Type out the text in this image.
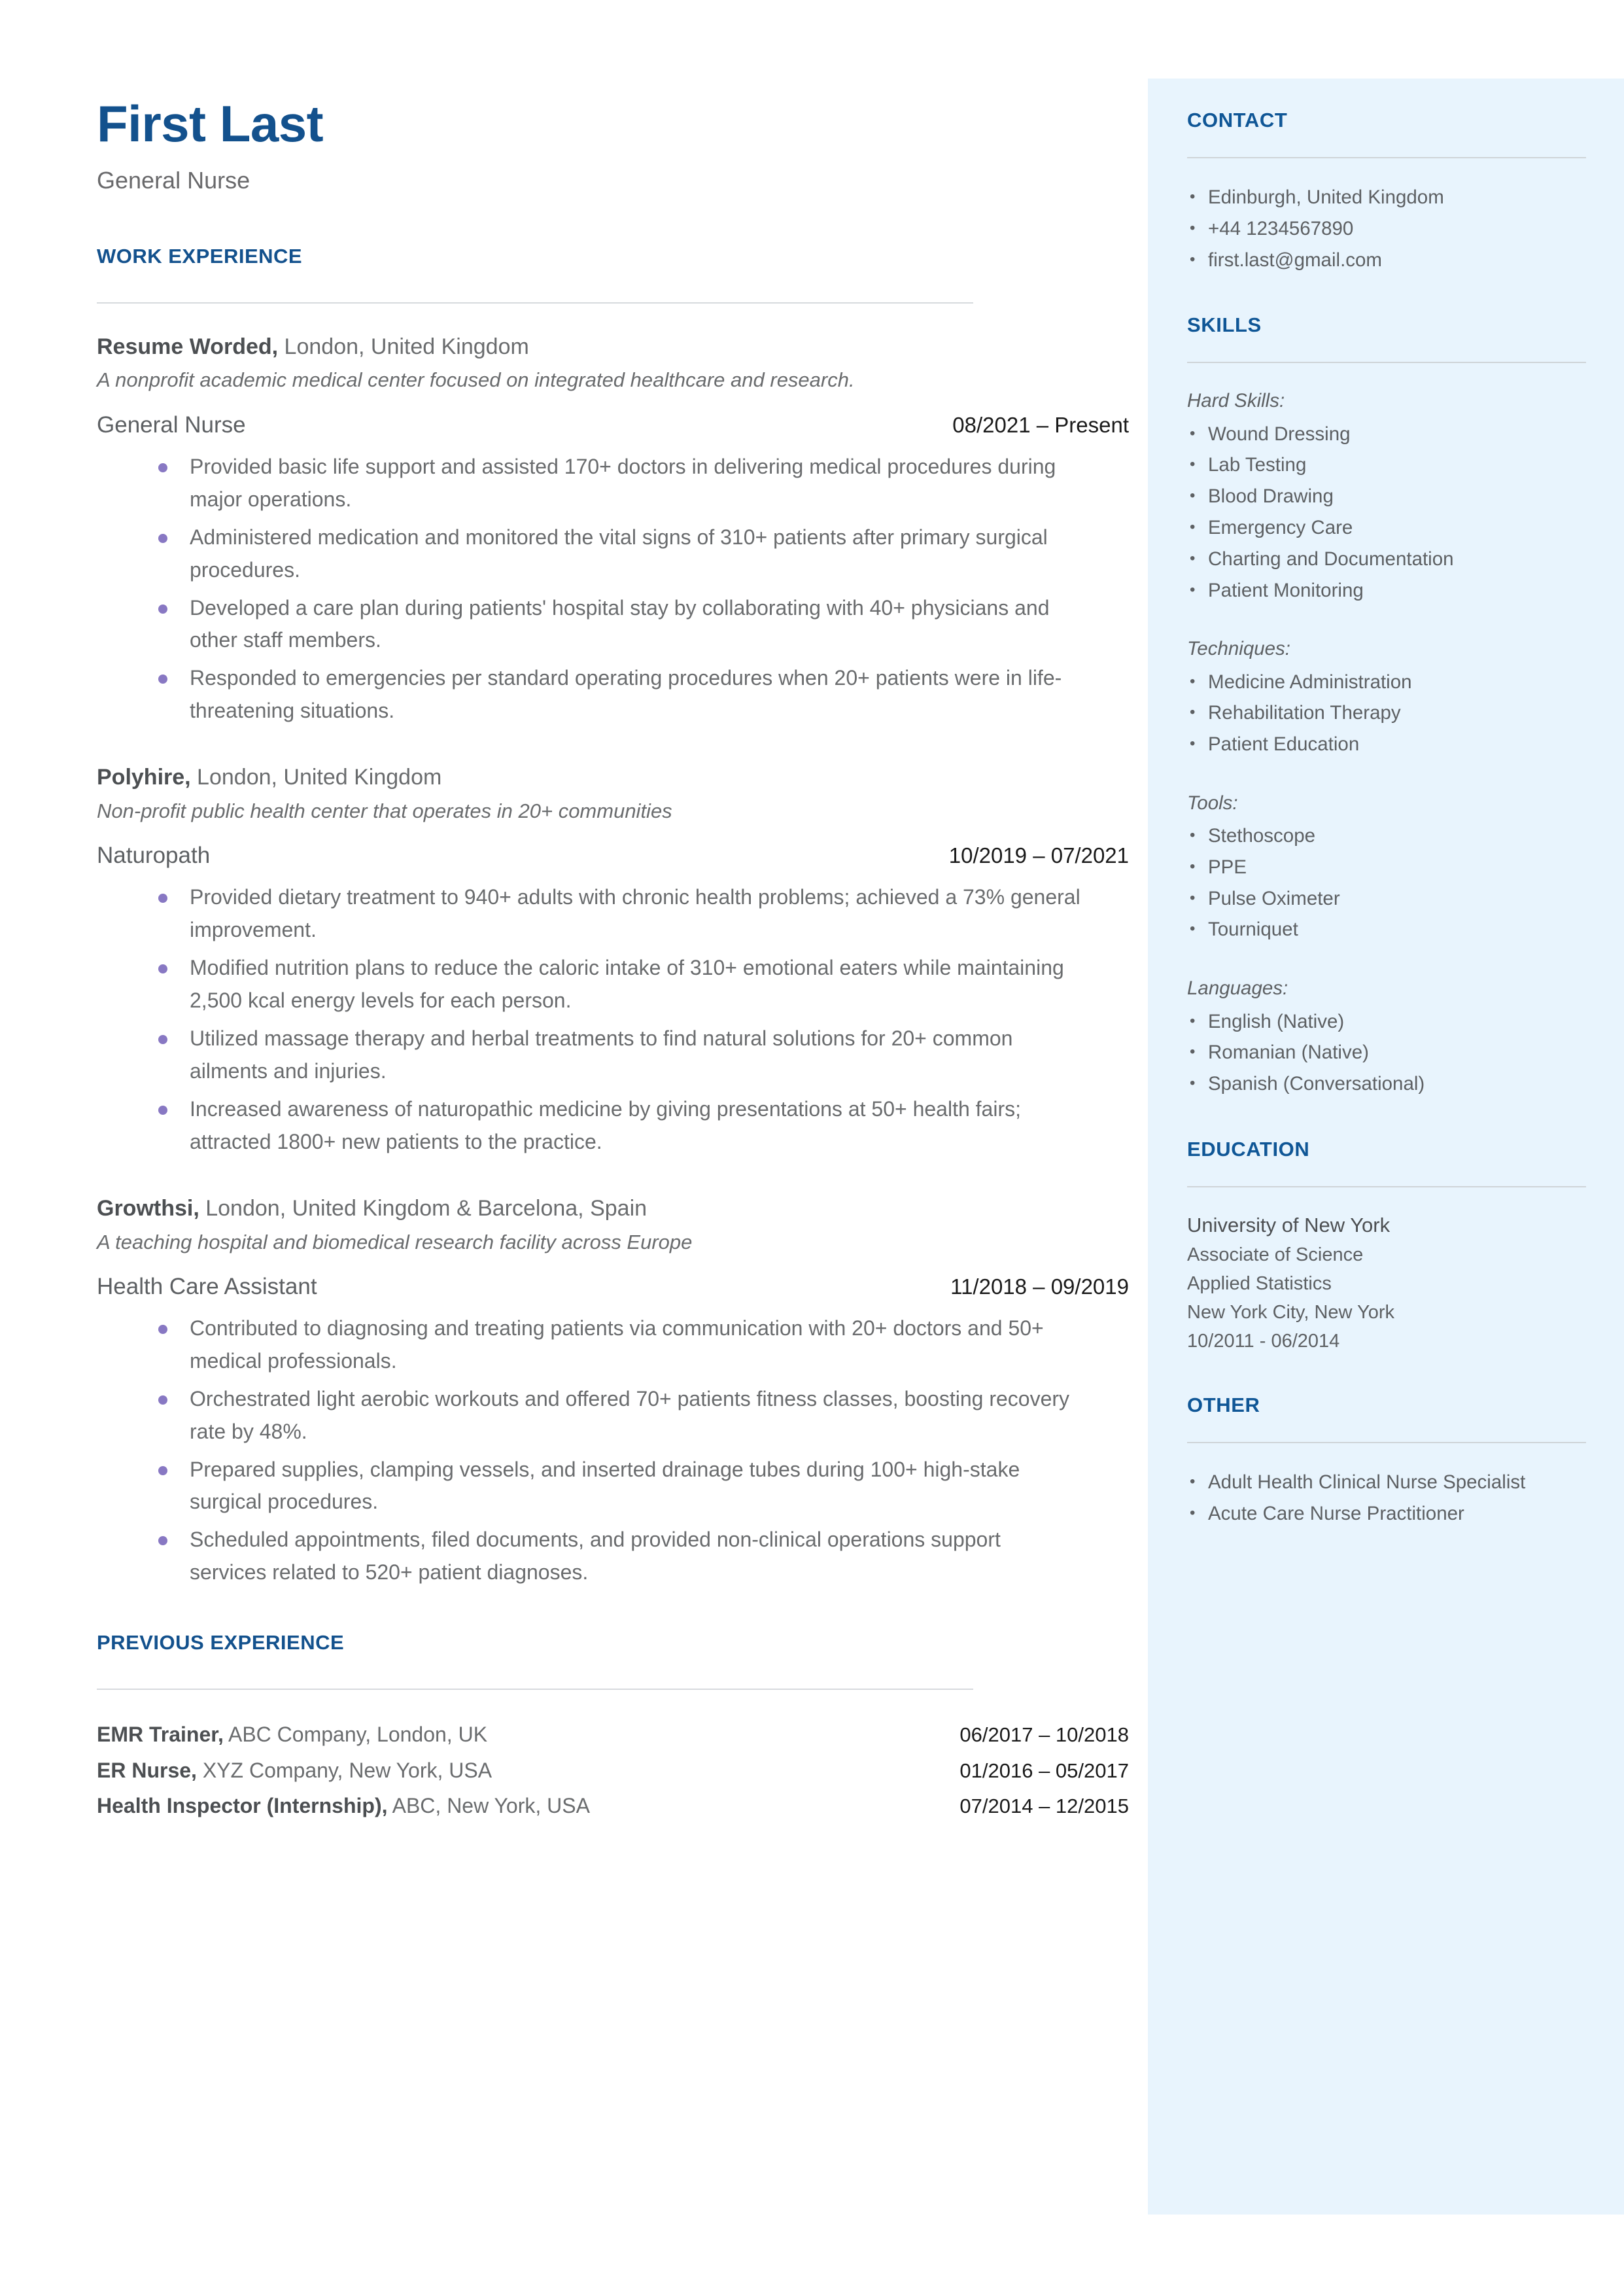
First Last
General Nurse
WORK EXPERIENCE
Resume Worded, London, United Kingdom
A nonprofit academic medical center focused on integrated healthcare and research.
General Nurse	08/2021 – Present
Provided basic life support and assisted 170+ doctors in delivering medical procedures during major operations.
Administered medication and monitored the vital signs of 310+ patients after primary surgical procedures.
Developed a care plan during patients' hospital stay by collaborating with 40+ physicians and other staff members.
Responded to emergencies per standard operating procedures when 20+ patients were in life-threatening situations.
Polyhire, London, United Kingdom
Non-profit public health center that operates in 20+ communities
Naturopath	10/2019 – 07/2021
Provided dietary treatment to 940+ adults with chronic health problems; achieved a 73% general improvement.
Modified nutrition plans to reduce the caloric intake of 310+ emotional eaters while maintaining 2,500 kcal energy levels for each person.
Utilized massage therapy and herbal treatments to find natural solutions for 20+ common ailments and injuries.
Increased awareness of naturopathic medicine by giving presentations at 50+ health fairs; attracted 1800+ new patients to the practice.
Growthsi, London, United Kingdom & Barcelona, Spain
A teaching hospital and biomedical research facility across Europe
Health Care Assistant	11/2018 – 09/2019
Contributed to diagnosing and treating patients via communication with 20+ doctors and 50+ medical professionals.
Orchestrated light aerobic workouts and offered 70+ patients fitness classes, boosting recovery rate by 48%.
Prepared supplies, clamping vessels, and inserted drainage tubes during 100+ high-stake surgical procedures.
Scheduled appointments, filed documents, and provided non-clinical operations support services related to 520+ patient diagnoses.
PREVIOUS EXPERIENCE
EMR Trainer, ABC Company, London, UK	06/2017 – 10/2018
ER Nurse, XYZ Company, New York, USA	01/2016 – 05/2017
Health Inspector (Internship), ABC, New York, USA	07/2014 – 12/2015
CONTACT
• Edinburgh, United Kingdom
• +44 1234567890
• first.last@gmail.com
SKILLS
Hard Skills:
• Wound Dressing
• Lab Testing
• Blood Drawing
• Emergency Care
• Charting and Documentation
• Patient Monitoring
Techniques:
• Medicine Administration
• Rehabilitation Therapy
• Patient Education
Tools:
• Stethoscope
• PPE
• Pulse Oximeter
• Tourniquet
Languages:
• English (Native)
• Romanian (Native)
• Spanish (Conversational)
EDUCATION
University of New York
Associate of Science
Applied Statistics
New York City, New York
10/2011 - 06/2014
OTHER
• Adult Health Clinical Nurse Specialist
• Acute Care Nurse Practitioner
